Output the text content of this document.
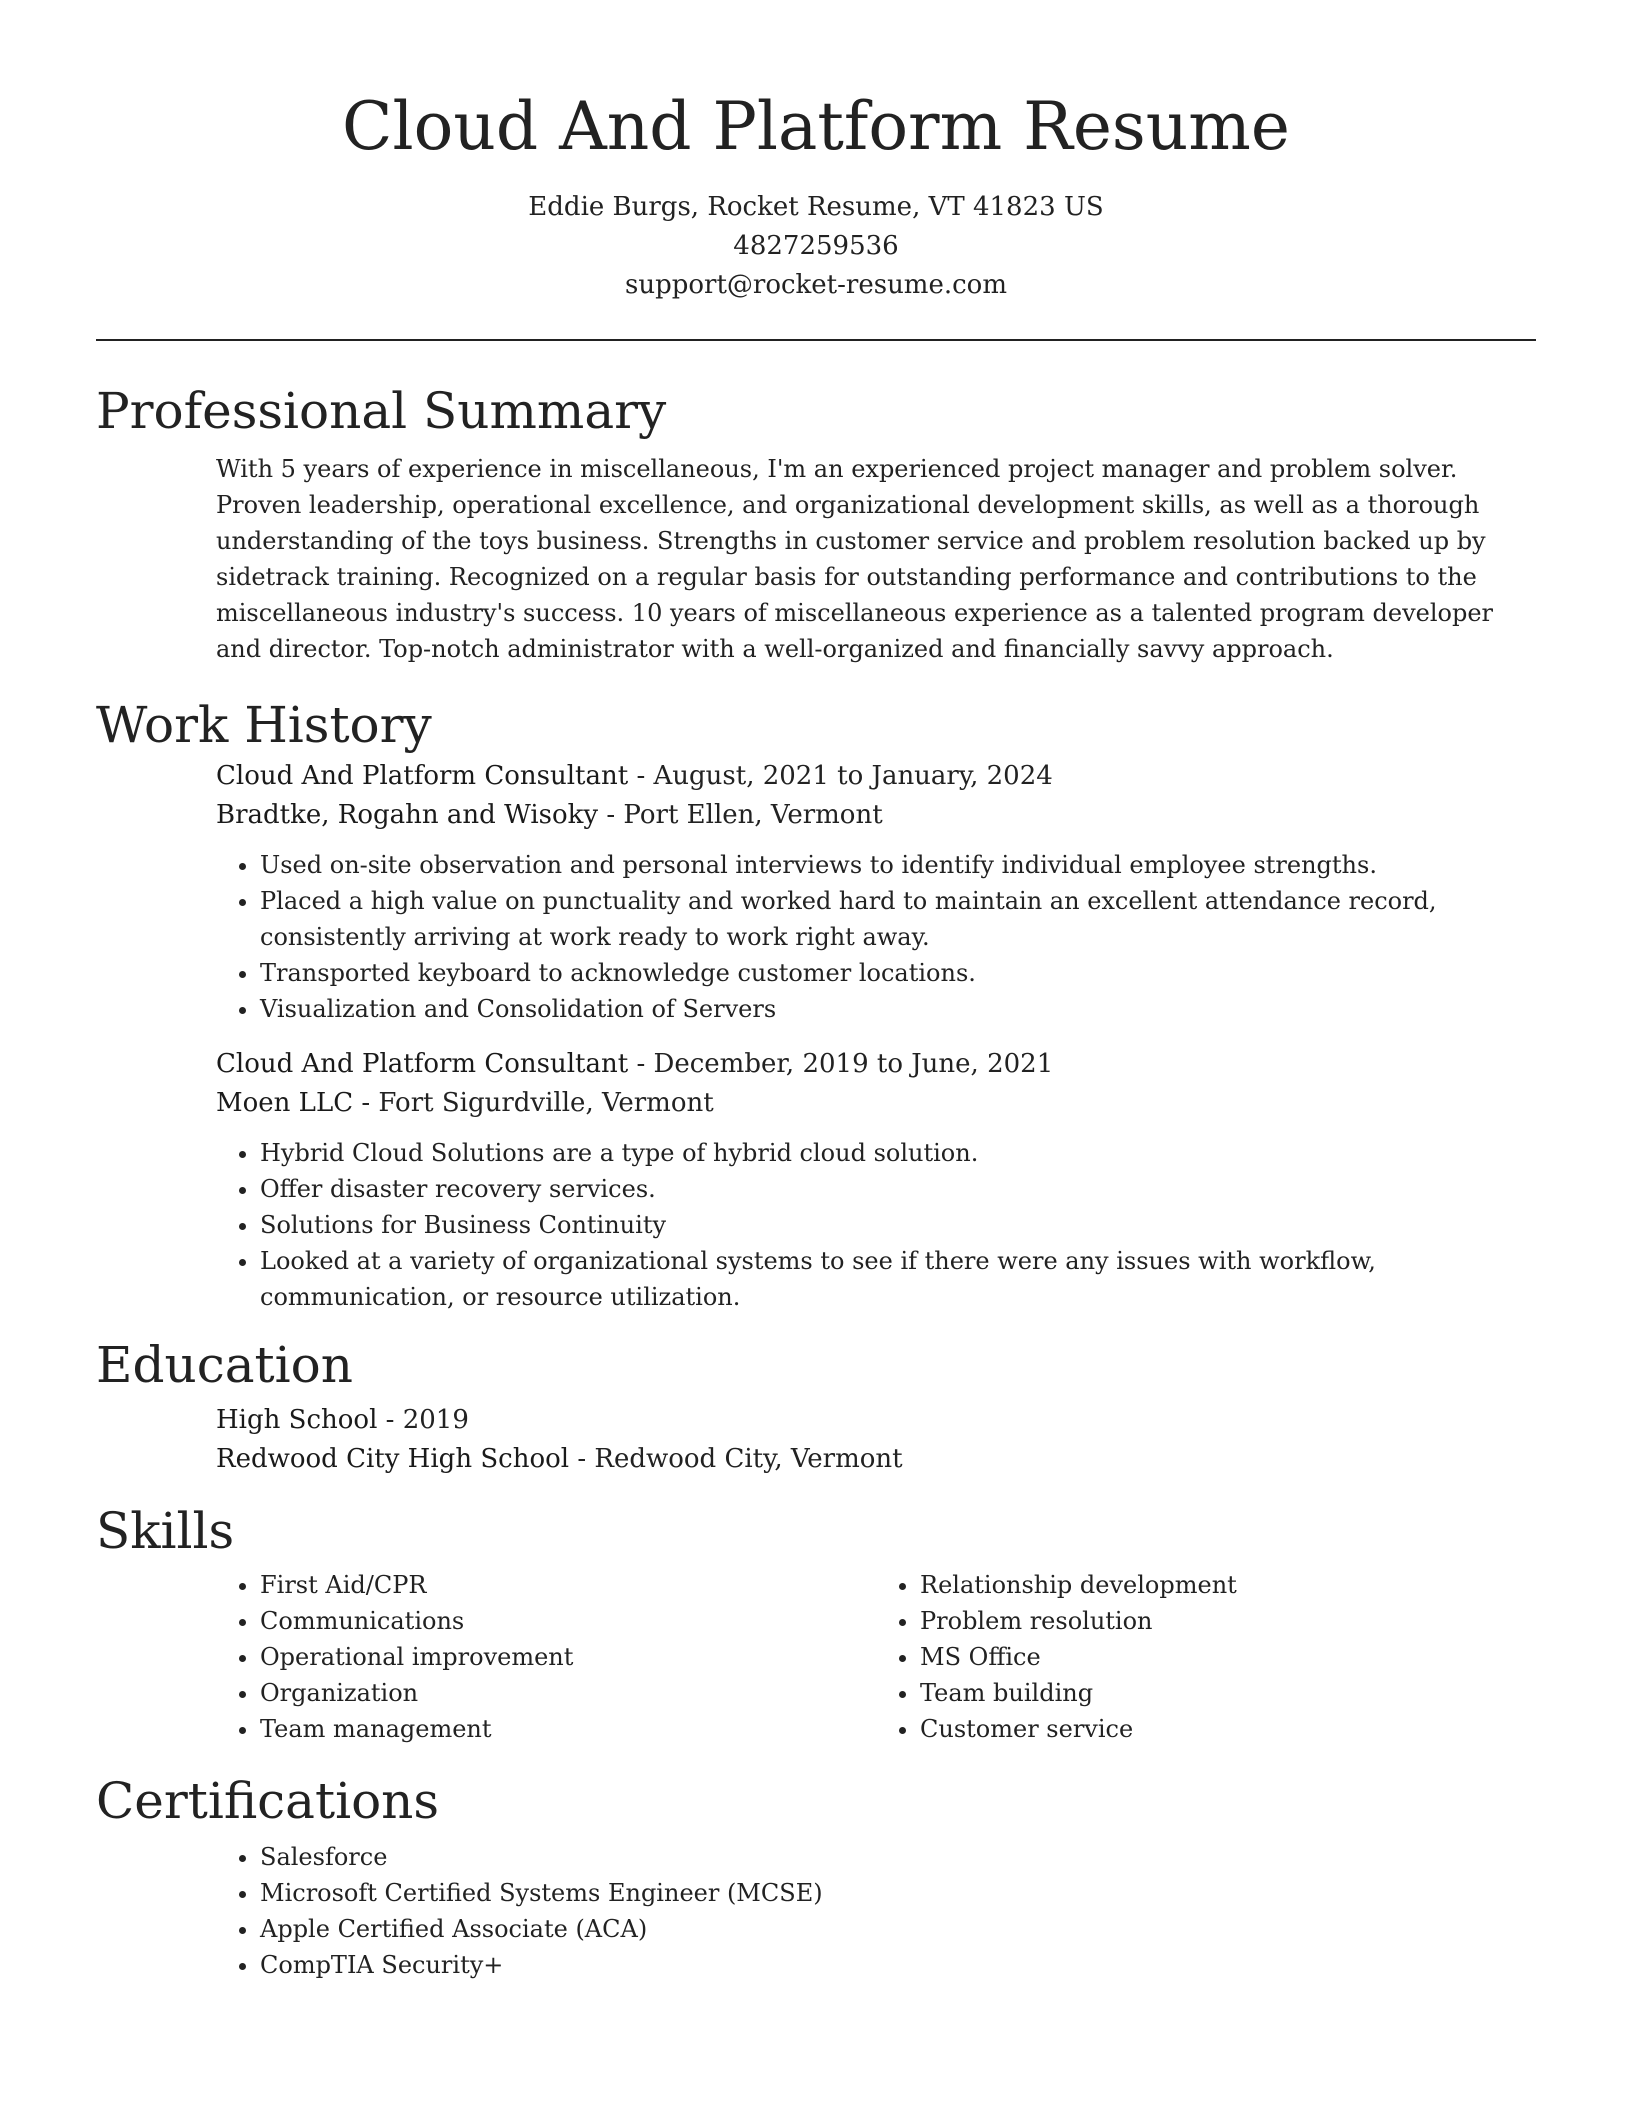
Cloud And Platform Resume
Eddie Burgs, Rocket Resume, VT 41823 US
4827259536
support@rocket-resume.com
Professional Summary
With 5 years of experience in miscellaneous, I'm an experienced project manager and problem solver. Proven leadership, operational excellence, and organizational development skills, as well as a thorough understanding of the toys business. Strengths in customer service and problem resolution backed up by sidetrack training. Recognized on a regular basis for outstanding performance and contributions to the miscellaneous industry's success. 10 years of miscellaneous experience as a talented program developer and director. Top-notch administrator with a well-organized and financially savvy approach.
Work History
Cloud And Platform Consultant - August, 2021 to January, 2024
Bradtke, Rogahn and Wisoky - Port Ellen, Vermont
• Used on-site observation and personal interviews to identify individual employee strengths.
• Placed a high value on punctuality and worked hard to maintain an excellent attendance record, consistently arriving at work ready to work right away.
• Transported keyboard to acknowledge customer locations.
• Visualization and Consolidation of Servers
Cloud And Platform Consultant - December, 2019 to June, 2021
Moen LLC - Fort Sigurdville, Vermont
• Hybrid Cloud Solutions are a type of hybrid cloud solution.
• Offer disaster recovery services.
• Solutions for Business Continuity
• Looked at a variety of organizational systems to see if there were any issues with workflow, communication, or resource utilization.
Education
High School - 2019
Redwood City High School - Redwood City, Vermont
Skills
• First Aid/CPR
• Communications
• Operational improvement
• Organization
• Team management
• Relationship development
• Problem resolution
• MS Office
• Team building
• Customer service
Certifications
• Salesforce
• Microsoft Certified Systems Engineer (MCSE)
• Apple Certified Associate (ACA)
• CompTIA Security+
